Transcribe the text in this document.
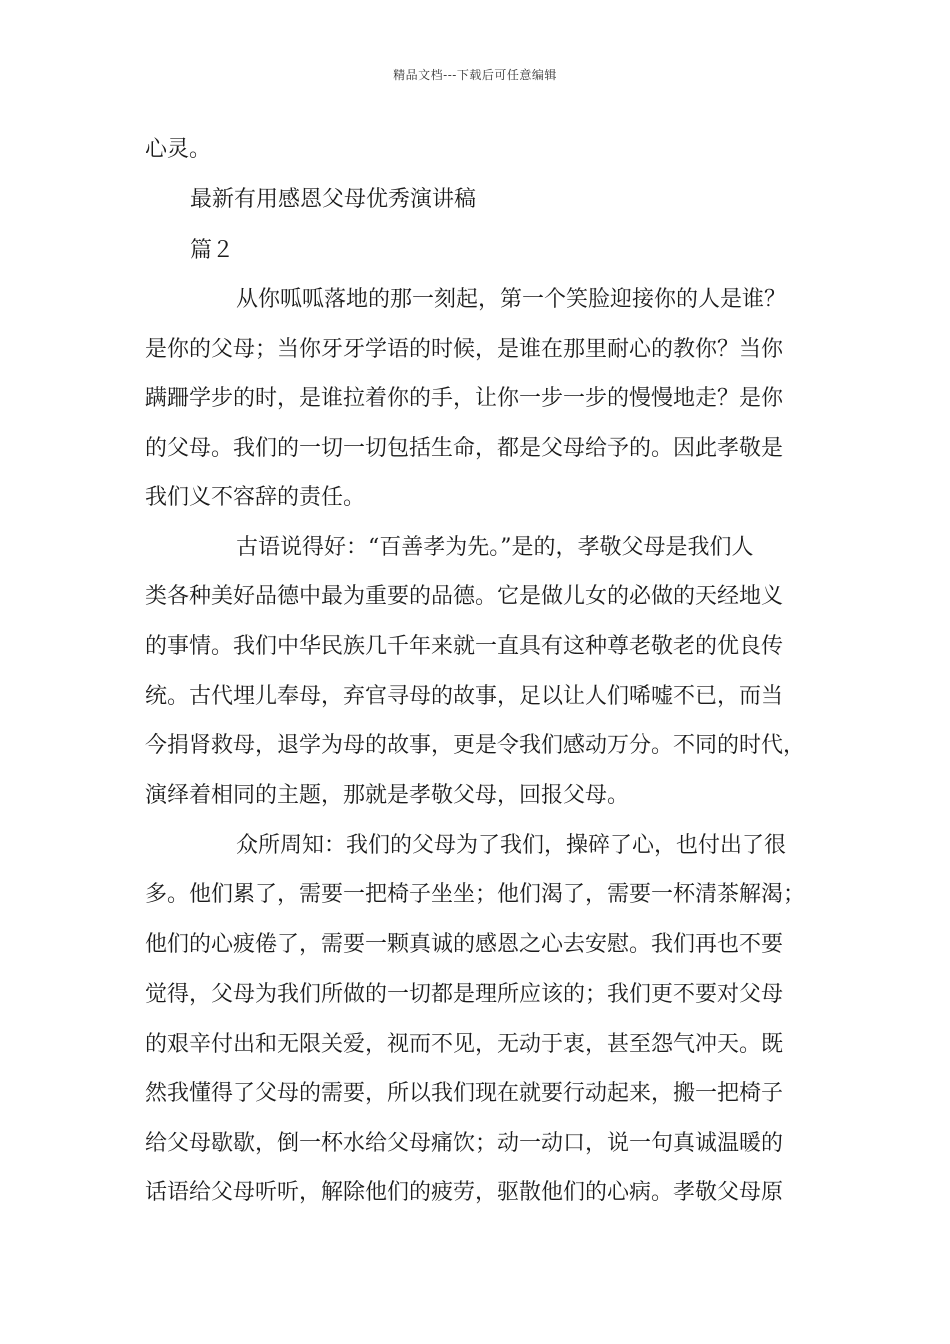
精品文档---下载后可任意编辑
心灵。
最新有用感恩父母优秀演讲稿
篇２
从你呱呱落地的那一刻起，第一个笑脸迎接你的人是谁？
是你的父母；当你牙牙学语的时候，是谁在那里耐心的教你？当你
蹒跚学步的时，是谁拉着你的手，让你一步一步的慢慢地走？是你
的父母。我们的一切一切包括生命，都是父母给予的。因此孝敬是
我们义不容辞的责任。
古语说得好：“百善孝为先。”是的，孝敬父母是我们人
类各种美好品德中最为重要的品德。它是做儿女的必做的天经地义
的事情。我们中华民族几千年来就一直具有这种尊老敬老的优良传
统。古代埋儿奉母，弃官寻母的故事，足以让人们唏嘘不已，而当
今捐肾救母，退学为母的故事，更是令我们感动万分。不同的时代，
演绎着相同的主题，那就是孝敬父母，回报父母。
众所周知：我们的父母为了我们，操碎了心，也付出了很
多。他们累了，需要一把椅子坐坐；他们渴了，需要一杯清茶解渴；
他们的心疲倦了，需要一颗真诚的感恩之心去安慰。我们再也不要
觉得，父母为我们所做的一切都是理所应该的；我们更不要对父母
的艰辛付出和无限关爱，视而不见，无动于衷，甚至怨气冲天。既
然我懂得了父母的需要，所以我们现在就要行动起来，搬一把椅子
给父母歇歇，倒一杯水给父母痛饮；动一动口，说一句真诚温暖的
话语给父母听听，解除他们的疲劳，驱散他们的心病。孝敬父母原
